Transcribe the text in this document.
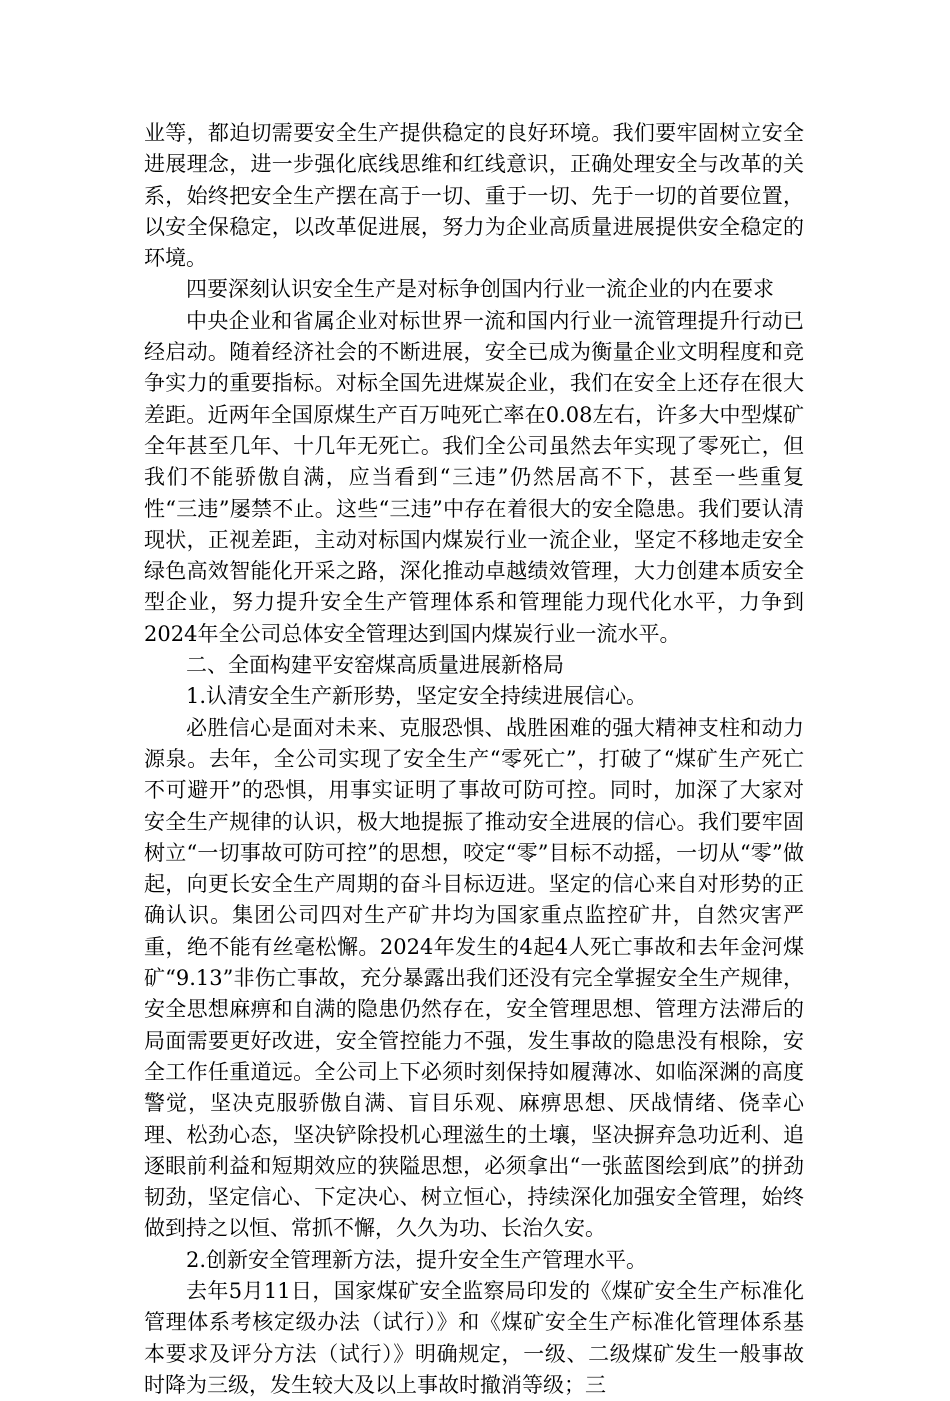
业等，都迫切需要安全生产提供稳定的良好环境。我们要牢固树立安全进展理念，进一步强化底线思维和红线意识，正确处理安全与改革的关系，始终把安全生产摆在高于一切、重于一切、先于一切的首要位置，以安全保稳定，以改革促进展，努力为企业高质量进展提供安全稳定的环境。

四要深刻认识安全生产是对标争创国内行业一流企业的内在要求

中央企业和省属企业对标世界一流和国内行业一流管理提升行动已经启动。随着经济社会的不断进展，安全已成为衡量企业文明程度和竞争实力的重要指标。对标全国先进煤炭企业，我们在安全上还存在很大差距。近两年全国原煤生产百万吨死亡率在0.08左右，许多大中型煤矿全年甚至几年、十几年无死亡。我们全公司虽然去年实现了零死亡，但我们不能骄傲自满，应当看到“三违”仍然居高不下，甚至一些重复性“三违”屡禁不止。这些“三违”中存在着很大的安全隐患。我们要认清现状，正视差距，主动对标国内煤炭行业一流企业，坚定不移地走安全绿色高效智能化开采之路，深化推动卓越绩效管理，大力创建本质安全型企业，努力提升安全生产管理体系和管理能力现代化水平，力争到2024年全公司总体安全管理达到国内煤炭行业一流水平。

二、全面构建平安窑煤高质量进展新格局

1.认清安全生产新形势，坚定安全持续进展信心。

必胜信心是面对未来、克服恐惧、战胜困难的强大精神支柱和动力源泉。去年，全公司实现了安全生产“零死亡”，打破了“煤矿生产死亡不可避开”的恐惧，用事实证明了事故可防可控。同时，加深了大家对安全生产规律的认识，极大地提振了推动安全进展的信心。我们要牢固树立“一切事故可防可控”的思想，咬定“零”目标不动摇，一切从“零”做起，向更长安全生产周期的奋斗目标迈进。坚定的信心来自对形势的正确认识。集团公司四对生产矿井均为国家重点监控矿井，自然灾害严重，绝不能有丝毫松懈。2024年发生的4起4人死亡事故和去年金河煤矿“9.13”非伤亡事故，充分暴露出我们还没有完全掌握安全生产规律，安全思想麻痹和自满的隐患仍然存在，安全管理思想、管理方法滞后的局面需要更好改进，安全管控能力不强，发生事故的隐患没有根除，安全工作任重道远。全公司上下必须时刻保持如履薄冰、如临深渊的高度警觉，坚决克服骄傲自满、盲目乐观、麻痹思想、厌战情绪、侥幸心理、松劲心态，坚决铲除投机心理滋生的土壤，坚决摒弃急功近利、追逐眼前利益和短期效应的狭隘思想，必须拿出“一张蓝图绘到底”的拼劲韧劲，坚定信心、下定决心、树立恒心，持续深化加强安全管理，始终做到持之以恒、常抓不懈，久久为功、长治久安。

2.创新安全管理新方法，提升安全生产管理水平。

去年5月11日，国家煤矿安全监察局印发的《煤矿安全生产标准化管理体系考核定级办法（试行）》和《煤矿安全生产标准化管理体系基本要求及评分方法（试行）》明确规定，一级、二级煤矿发生一般事故时降为三级，发生较大及以上事故时撤消等级；三
